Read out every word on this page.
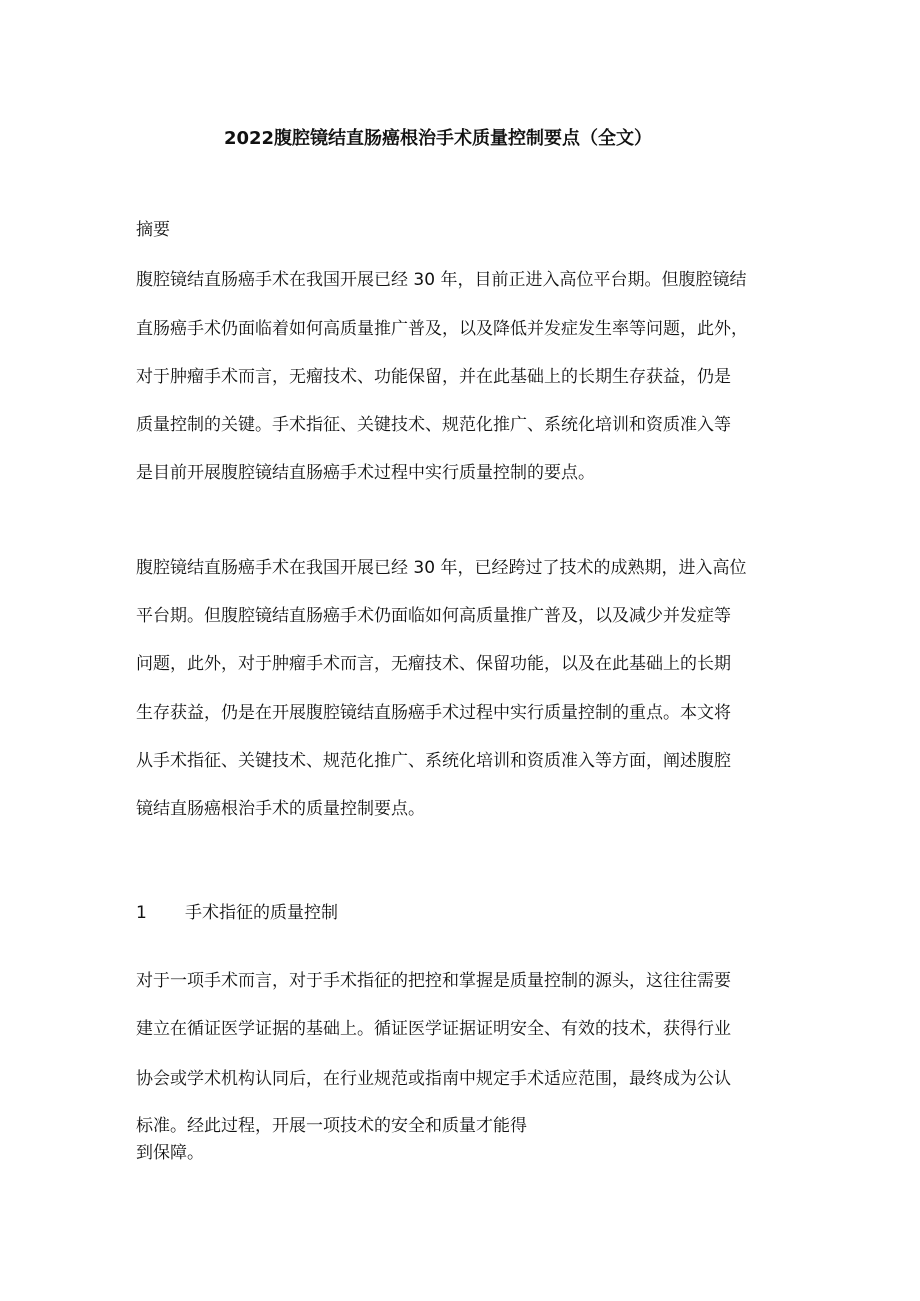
2022腹腔镜结直肠癌根治手术质量控制要点（全文）
摘要
腹腔镜结直肠癌手术在我国开展已经 30 年，目前正进入高位平台期。但腹腔镜结
直肠癌手术仍面临着如何高质量推广普及，以及降低并发症发生率等问题，此外，
对于肿瘤手术而言，无瘤技术、功能保留，并在此基础上的长期生存获益，仍是
质量控制的关键。手术指征、关键技术、规范化推广、系统化培训和资质准入等
是目前开展腹腔镜结直肠癌手术过程中实行质量控制的要点。
腹腔镜结直肠癌手术在我国开展已经 30 年，已经跨过了技术的成熟期，进入高位
平台期。但腹腔镜结直肠癌手术仍面临如何高质量推广普及，以及减少并发症等
问题，此外，对于肿瘤手术而言，无瘤技术、保留功能，以及在此基础上的长期
生存获益，仍是在开展腹腔镜结直肠癌手术过程中实行质量控制的重点。本文将
从手术指征、关键技术、规范化推广、系统化培训和资质准入等方面，阐述腹腔
镜结直肠癌根治手术的质量控制要点。
1 手术指征的质量控制
对于一项手术而言，对于手术指征的把控和掌握是质量控制的源头，这往往需要
建立在循证医学证据的基础上。循证医学证据证明安全、有效的技术，获得行业
协会或学术机构认同后，在行业规范或指南中规定手术适应范围，最终成为公认
标准。经此过程，开展一项技术的安全和质量才能得
到保障。
